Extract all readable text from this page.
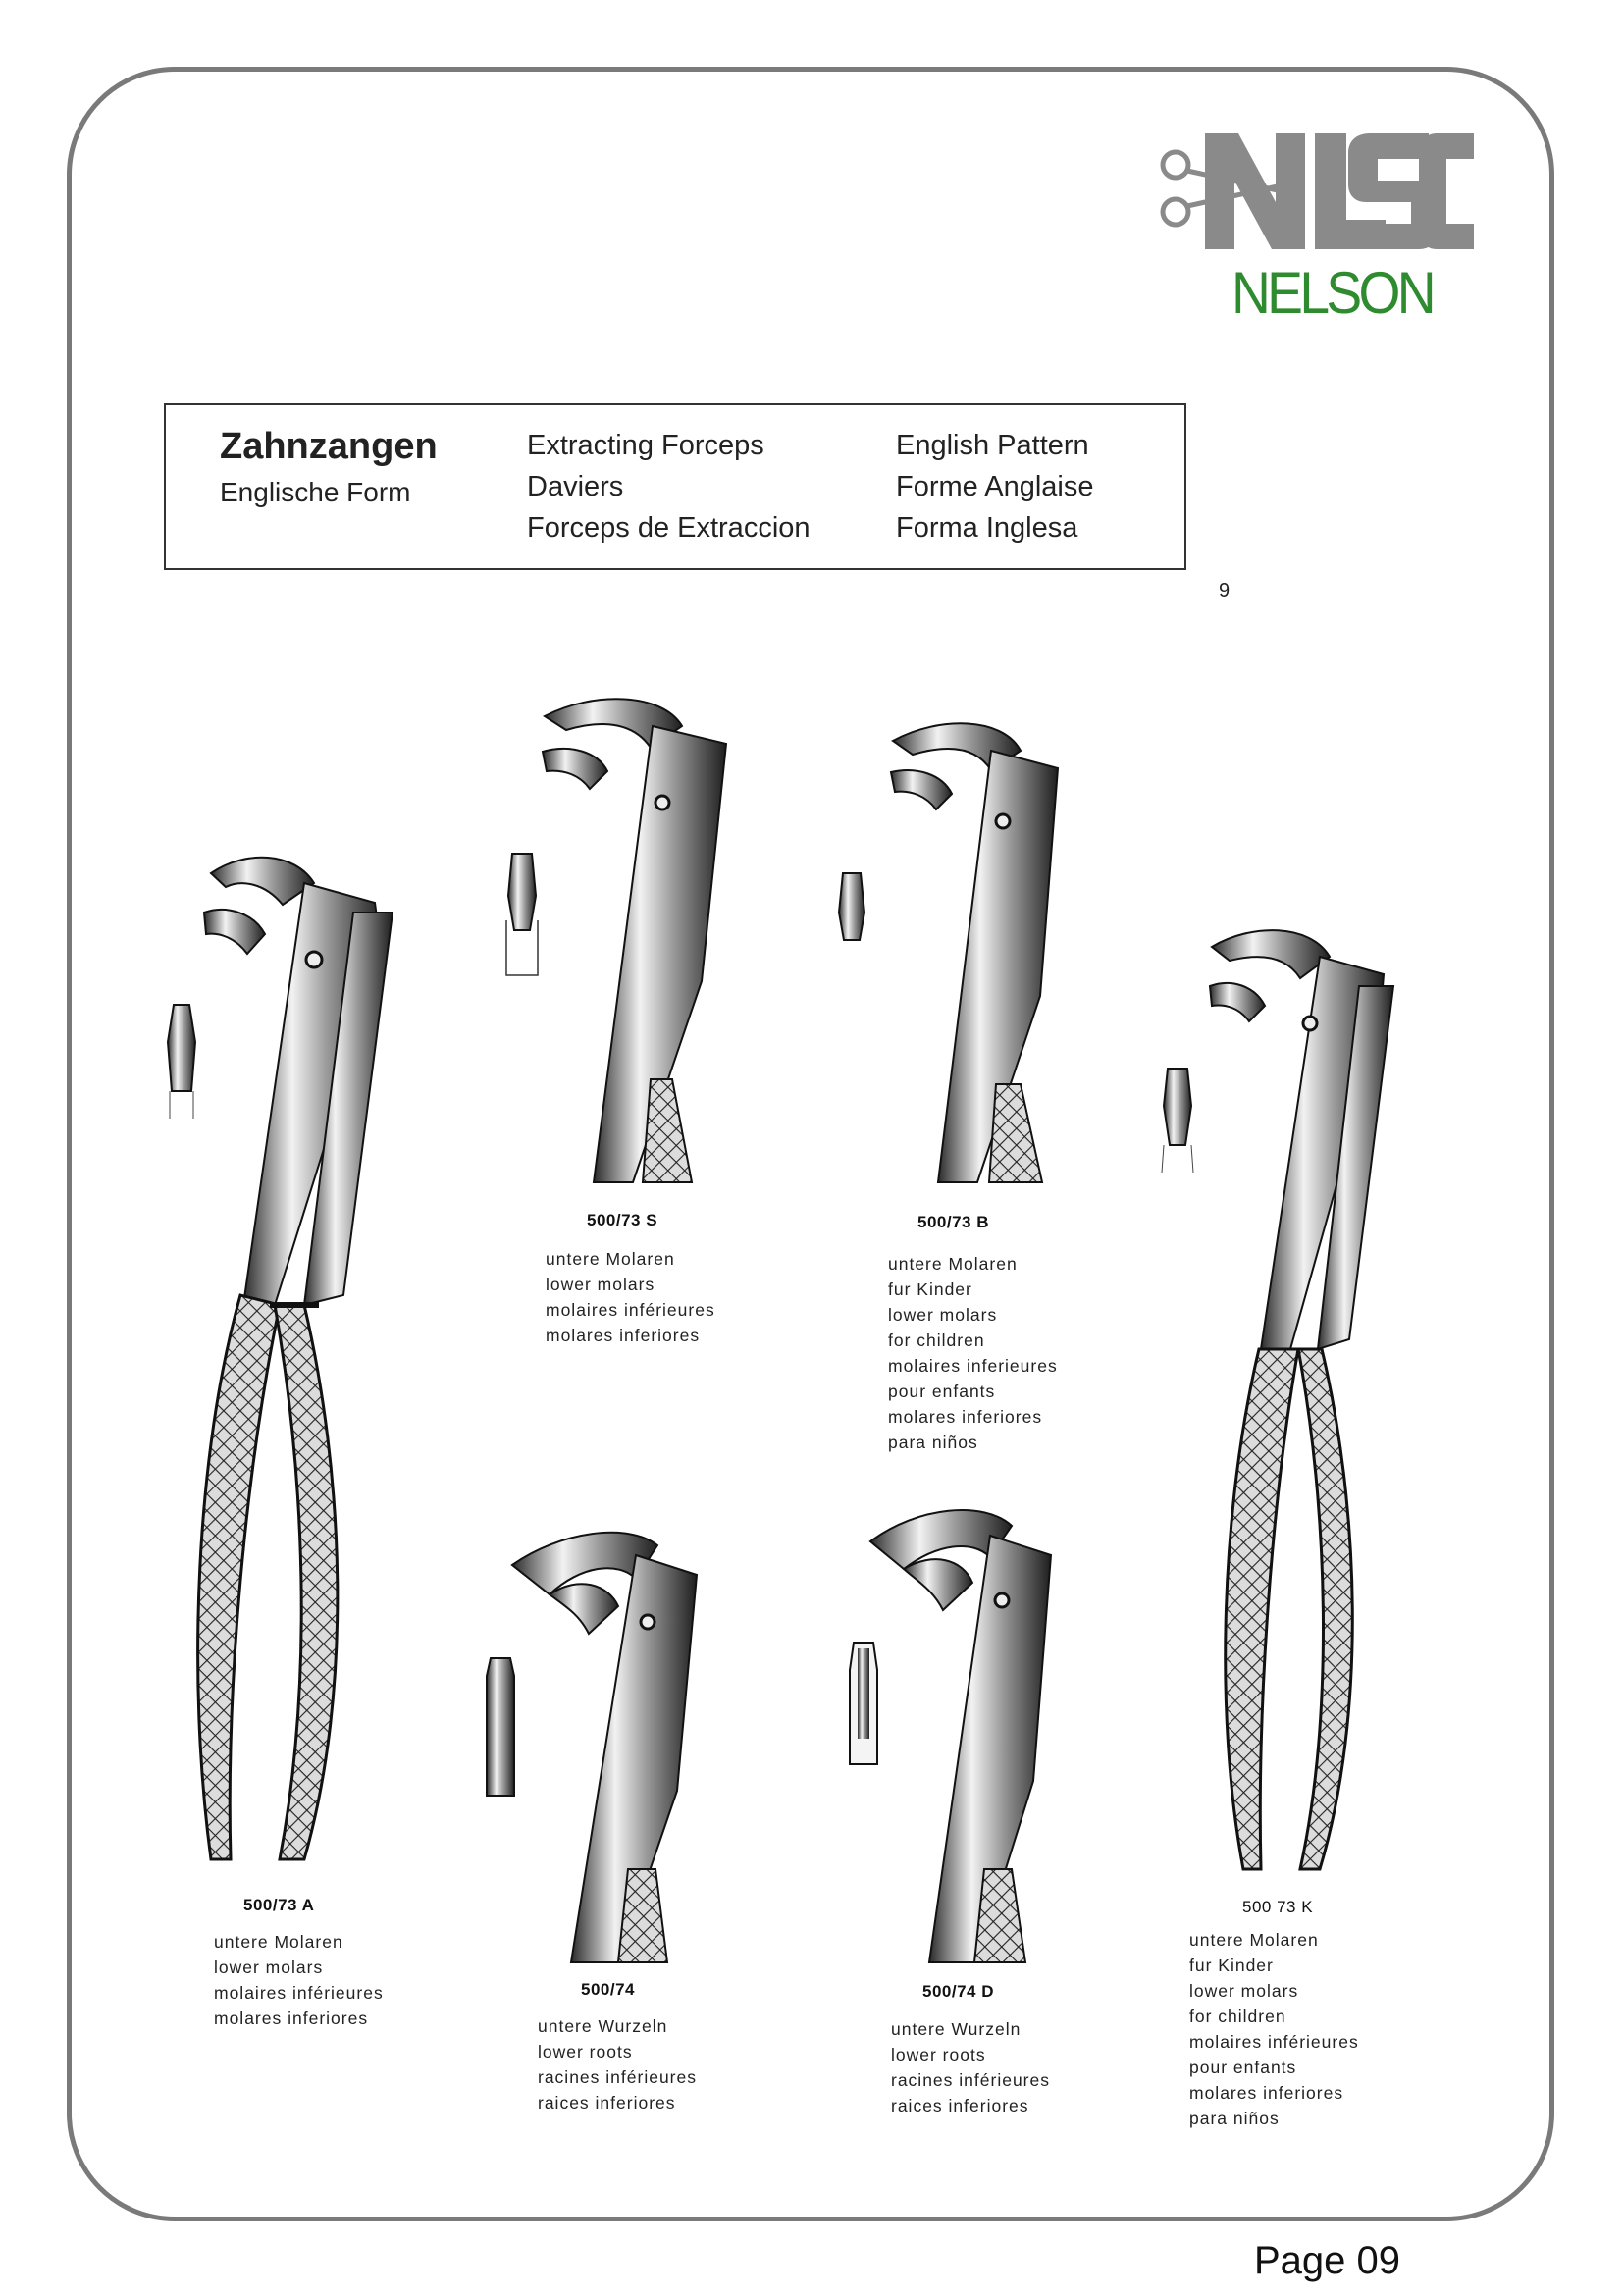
NELSON
Zahnzangen
Englische Form
Extracting Forceps
Daviers
Forceps de Extraccion
English Pattern
Forme Anglaise
Forma Inglesa
9
500/73 S
untere Molaren
lower molars
molaires inférieures
molares inferiores
500/73 B
untere Molaren
fur Kinder
lower molars
for children
molaires inferieures
pour enfants
molares inferiores
para niños
500/73 A
untere Molaren
lower molars
molaires inférieures
molares inferiores
500/74
untere Wurzeln
lower roots
racines inférieures
raices inferiores
500/74 D
untere Wurzeln
lower roots
racines inférieures
raices inferiores
500 73 K
untere Molaren
fur Kinder
lower molars
for children
molaires inférieures
pour enfants
molares inferiores
para niños
Page 09
